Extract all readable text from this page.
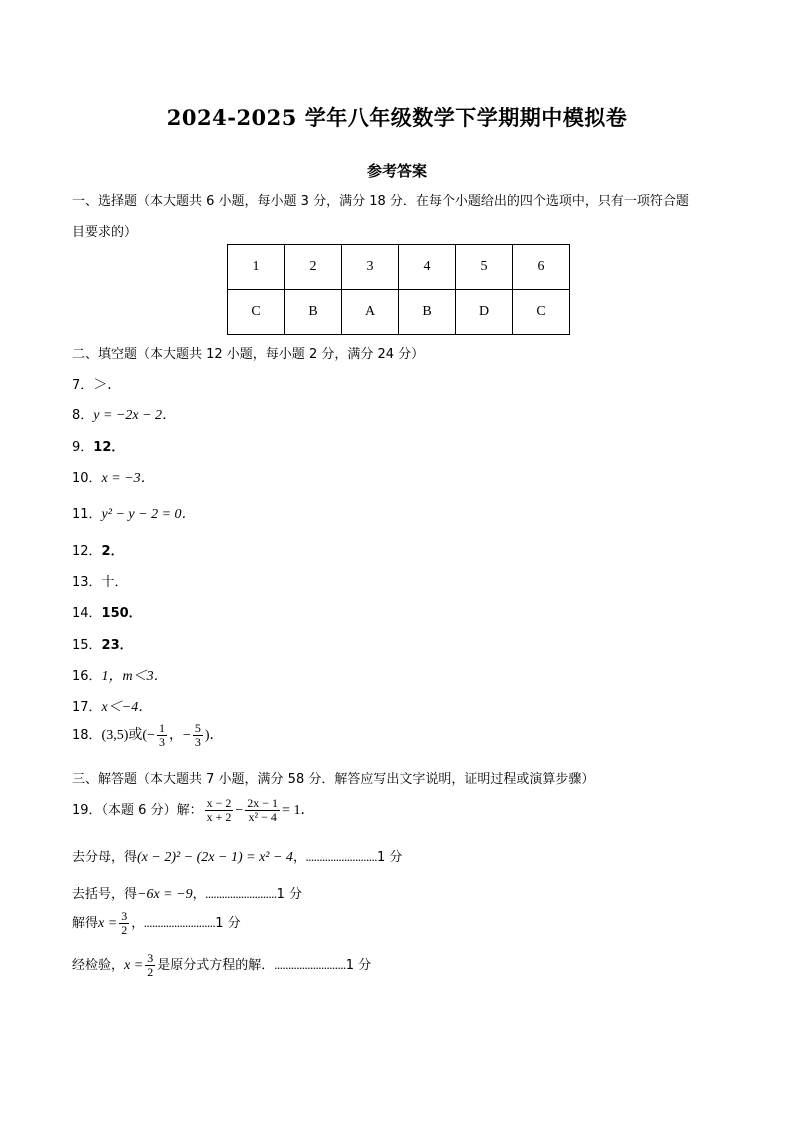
2024-2025 学年八年级数学下学期期中模拟卷
参考答案
一、选择题（本大题共 6 小题，每小题 3 分，满分 18 分．在每个小题给出的四个选项中，只有一项符合题
目要求的）
1	2	3	4	5	6
C	B	A	B	D	C
二、填空题（本大题共 12 小题，每小题 2 分，满分 24 分）
7．＞．
8．y = −2x − 2．
9．12．
10．x = −3．
11．y² − y − 2 = 0．
12．2．
13．十．
14．150．
15．23．
16．1，m＜3．
17．x＜−4．
18．(3,5)或(− $\frac{1}{3}$ ，− $\frac{5}{3}$ )．
三、解答题（本大题共 7 小题，满分 58 分．解答应写出文字说明，证明过程或演算步骤）
19．（本题 6 分）解： $\frac{x - 2}{x + 2} - \frac{2x - 1}{\text{x² − 4}} = 1$．
去分母，得(x − 2)² − (2x − 1) = x² − 4，..........................1 分
去括号，得−6x = −9，..........................1 分
解得$x = \frac{3}{2}$ ，..........................1 分
经检验，$x = \frac{3}{2}$ 是原分式方程的解．..........................1 分
